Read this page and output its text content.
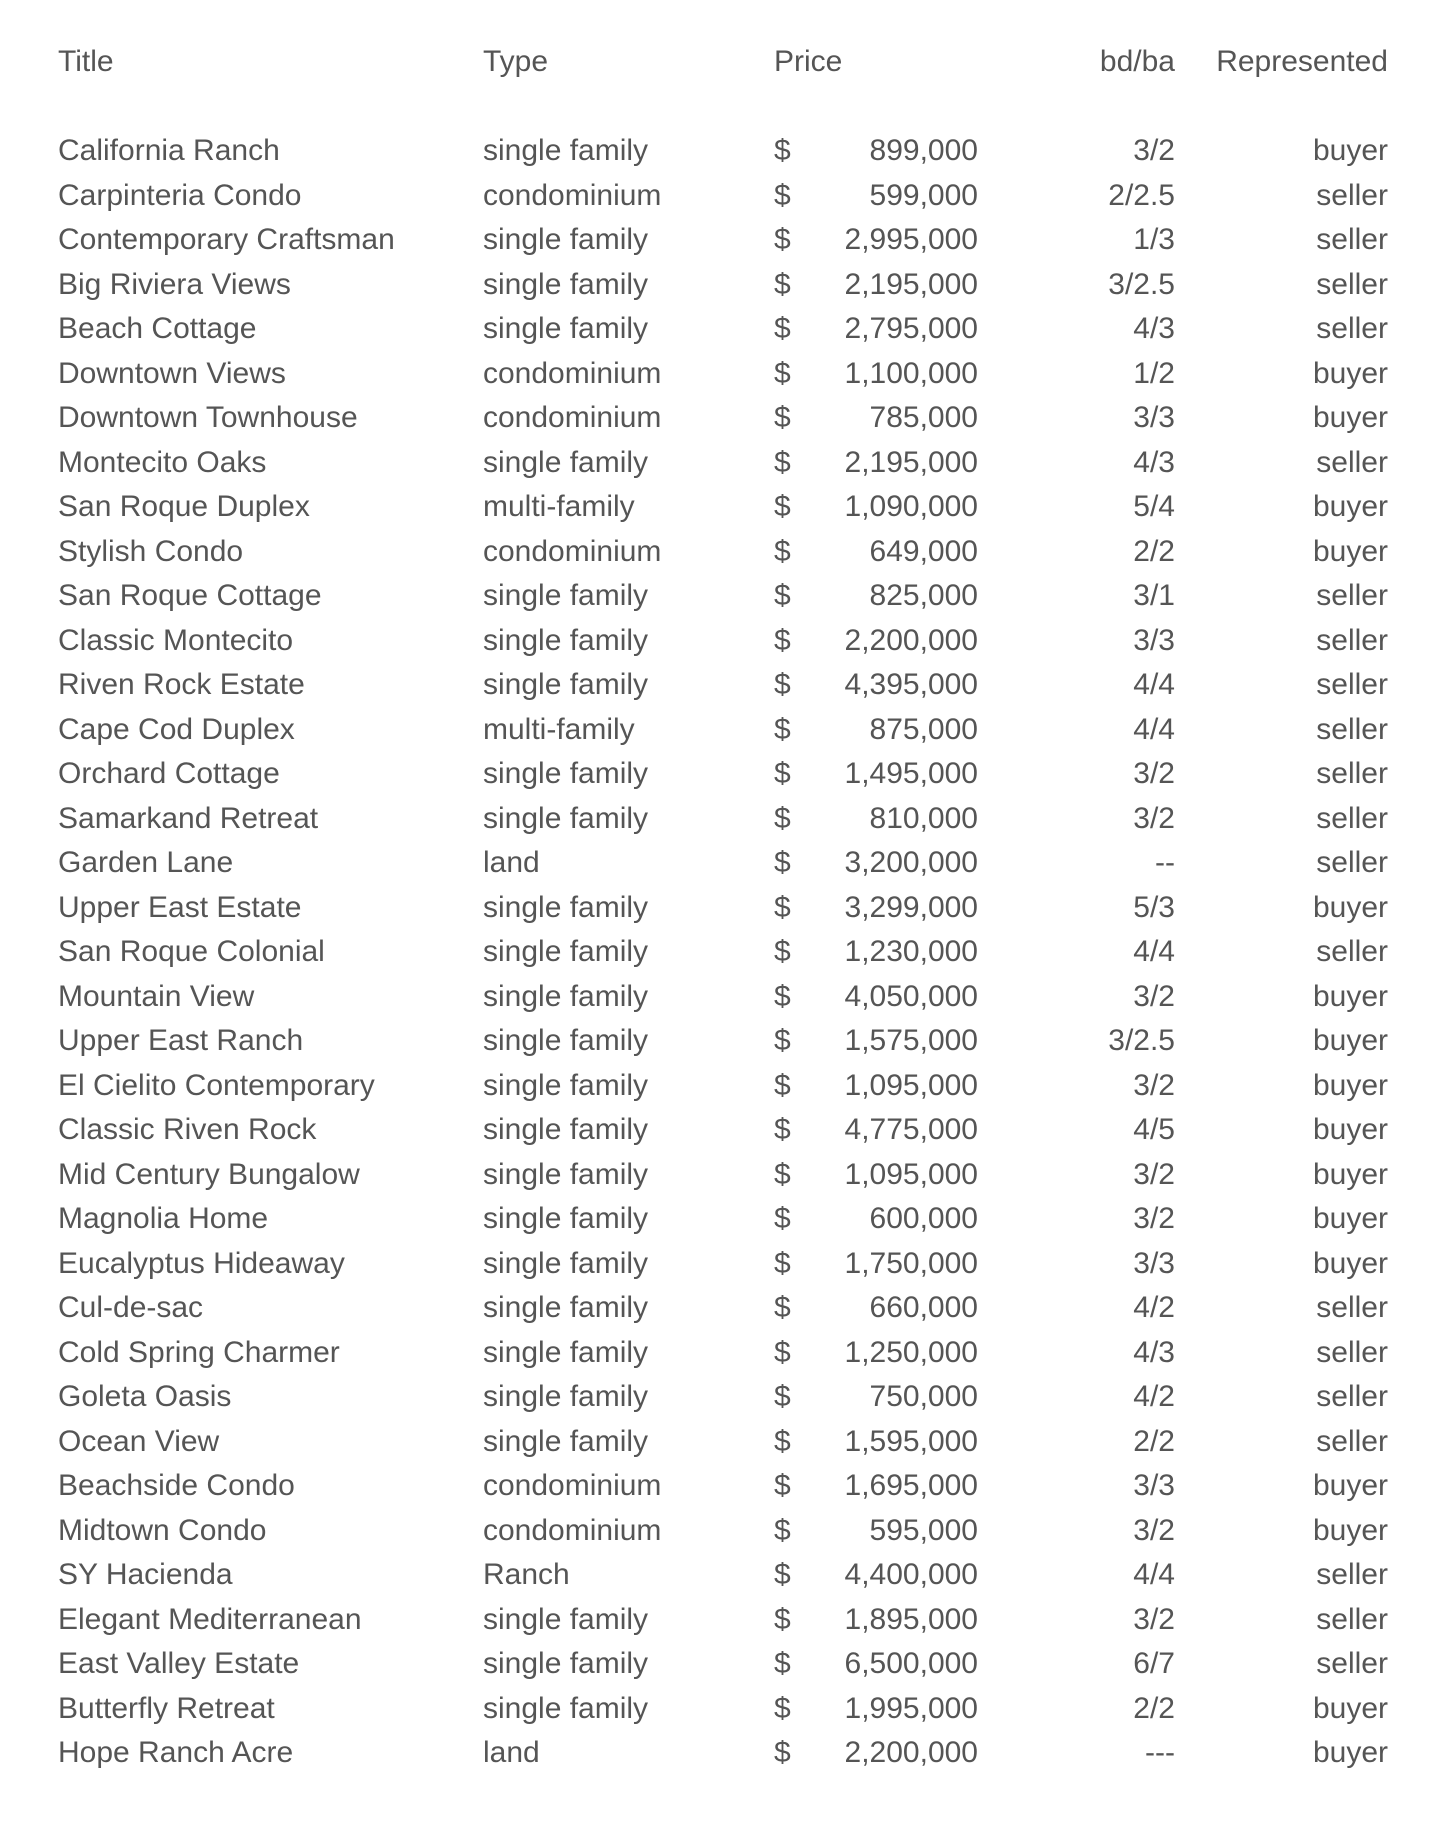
Title	Type	Price	bd/ba	Represented
California Ranch	single family	$	899,000	3/2	buyer
Carpinteria Condo	condominium	$	599,000	2/2.5	seller
Contemporary Craftsman	single family	$	2,995,000	1/3	seller
Big Riviera Views	single family	$	2,195,000	3/2.5	seller
Beach Cottage	single family	$	2,795,000	4/3	seller
Downtown Views	condominium	$	1,100,000	1/2	buyer
Downtown Townhouse	condominium	$	785,000	3/3	buyer
Montecito Oaks	single family	$	2,195,000	4/3	seller
San Roque Duplex	multi-family	$	1,090,000	5/4	buyer
Stylish Condo	condominium	$	649,000	2/2	buyer
San Roque Cottage	single family	$	825,000	3/1	seller
Classic Montecito	single family	$	2,200,000	3/3	seller
Riven Rock Estate	single family	$	4,395,000	4/4	seller
Cape Cod Duplex	multi-family	$	875,000	4/4	seller
Orchard Cottage	single family	$	1,495,000	3/2	seller
Samarkand Retreat	single family	$	810,000	3/2	seller
Garden Lane	land	$	3,200,000	--	seller
Upper East Estate	single family	$	3,299,000	5/3	buyer
San Roque Colonial	single family	$	1,230,000	4/4	seller
Mountain View	single family	$	4,050,000	3/2	buyer
Upper East Ranch	single family	$	1,575,000	3/2.5	buyer
El Cielito Contemporary	single family	$	1,095,000	3/2	buyer
Classic Riven Rock	single family	$	4,775,000	4/5	buyer
Mid Century Bungalow	single family	$	1,095,000	3/2	buyer
Magnolia Home	single family	$	600,000	3/2	buyer
Eucalyptus Hideaway	single family	$	1,750,000	3/3	buyer
Cul-de-sac	single family	$	660,000	4/2	seller
Cold Spring Charmer	single family	$	1,250,000	4/3	seller
Goleta Oasis	single family	$	750,000	4/2	seller
Ocean View	single family	$	1,595,000	2/2	seller
Beachside Condo	condominium	$	1,695,000	3/3	buyer
Midtown Condo	condominium	$	595,000	3/2	buyer
SY Hacienda	Ranch	$	4,400,000	4/4	seller
Elegant Mediterranean	single family	$	1,895,000	3/2	seller
East Valley Estate	single family	$	6,500,000	6/7	seller
Butterfly Retreat	single family	$	1,995,000	2/2	buyer
Hope Ranch Acre	land	$	2,200,000	---	buyer
